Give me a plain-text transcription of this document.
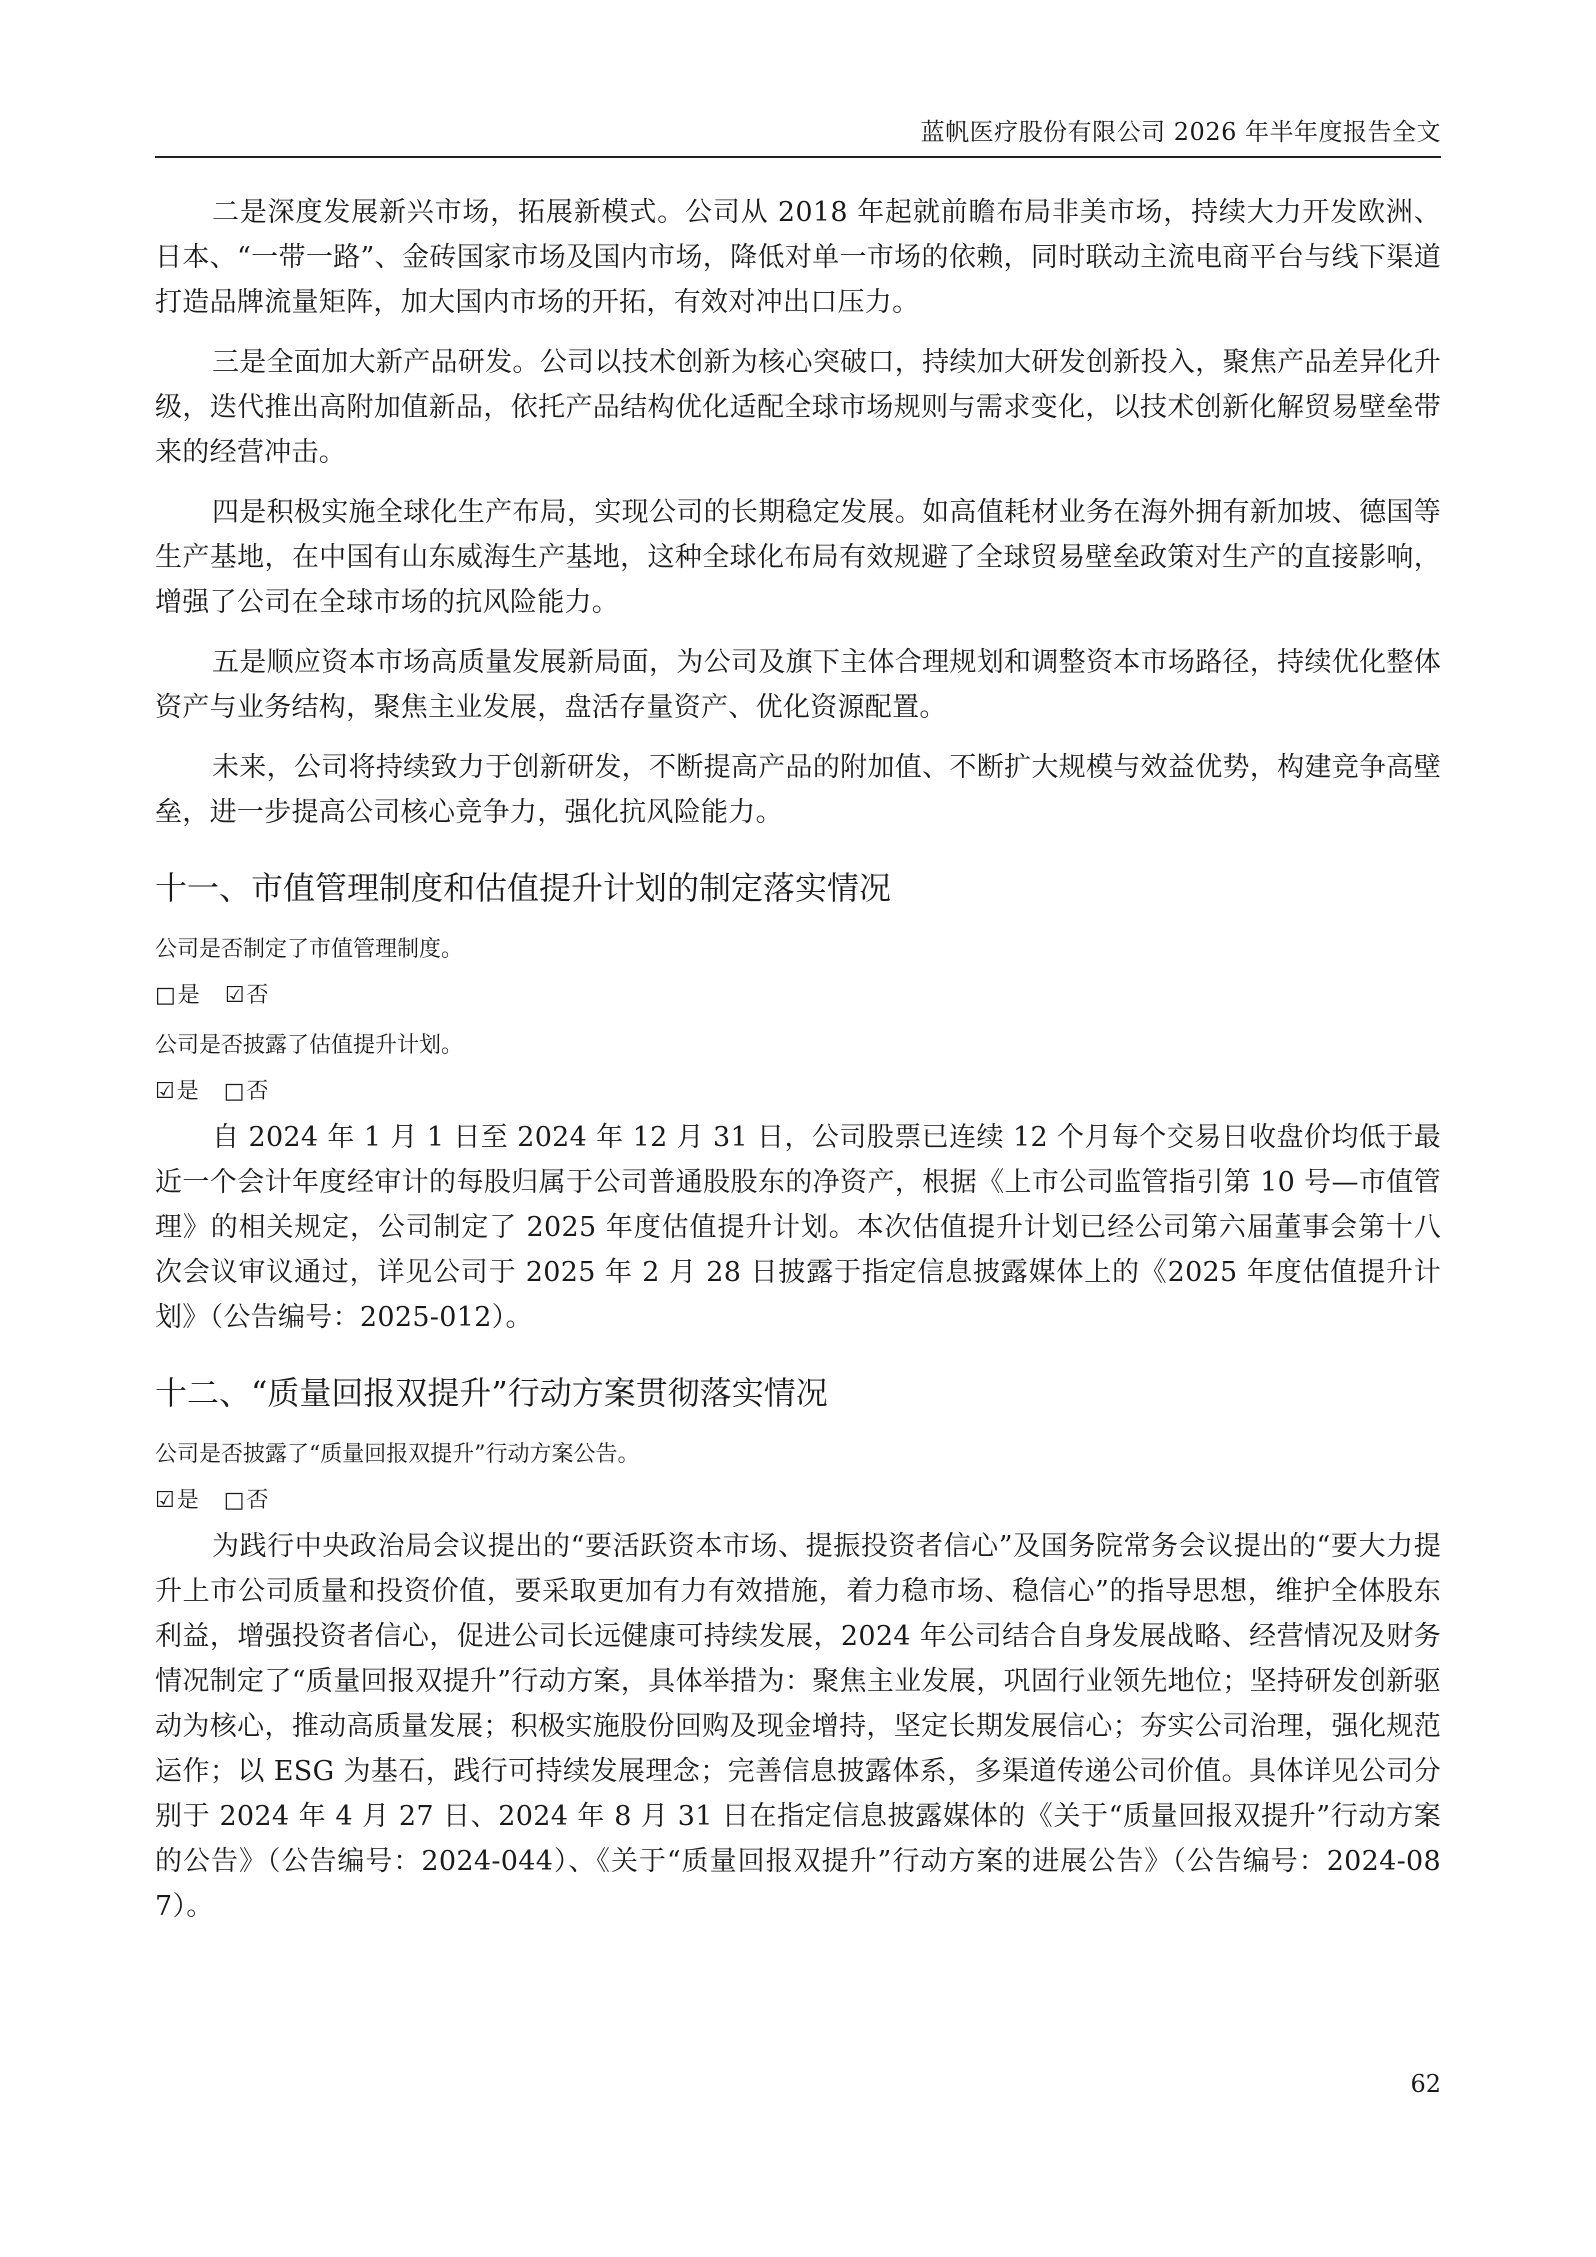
蓝帆医疗股份有限公司 2026 年半年度报告全文

二是深度发展新兴市场，拓展新模式。公司从 2018 年起就前瞻布局非美市场，持续大力开发欧洲、日本、“一带一路”、金砖国家市场及国内市场，降低对单一市场的依赖，同时联动主流电商平台与线下渠道打造品牌流量矩阵，加大国内市场的开拓，有效对冲出口压力。

三是全面加大新产品研发。公司以技术创新为核心突破口，持续加大研发创新投入，聚焦产品差异化升级，迭代推出高附加值新品，依托产品结构优化适配全球市场规则与需求变化，以技术创新化解贸易壁垒带来的经营冲击。

四是积极实施全球化生产布局，实现公司的长期稳定发展。如高值耗材业务在海外拥有新加坡、德国等生产基地，在中国有山东威海生产基地，这种全球化布局有效规避了全球贸易壁垒政策对生产的直接影响，增强了公司在全球市场的抗风险能力。

五是顺应资本市场高质量发展新局面，为公司及旗下主体合理规划和调整资本市场路径，持续优化整体资产与业务结构，聚焦主业发展，盘活存量资产、优化资源配置。

未来，公司将持续致力于创新研发，不断提高产品的附加值、不断扩大规模与效益优势，构建竞争高壁垒，进一步提高公司核心竞争力，强化抗风险能力。

十一、市值管理制度和估值提升计划的制定落实情况
公司是否制定了市值管理制度。
□是 ☑否
公司是否披露了估值提升计划。
☑是 □否

自 2024 年 1 月 1 日至 2024 年 12 月 31 日，公司股票已连续 12 个月每个交易日收盘价均低于最近一个会计年度经审计的每股归属于公司普通股股东的净资产，根据《上市公司监管指引第 10 号—市值管理》的相关规定，公司制定了 2025 年度估值提升计划。本次估值提升计划已经公司第六届董事会第十八次会议审议通过，详见公司于 2025 年 2 月 28 日披露于指定信息披露媒体上的《2025 年度估值提升计划》（公告编号：2025-012）。

十二、“质量回报双提升”行动方案贯彻落实情况
公司是否披露了“质量回报双提升”行动方案公告。
☑是 □否

为践行中央政治局会议提出的“要活跃资本市场、提振投资者信心”及国务院常务会议提出的“要大力提升上市公司质量和投资价值，要采取更加有力有效措施，着力稳市场、稳信心”的指导思想，维护全体股东利益，增强投资者信心，促进公司长远健康可持续发展，2024 年公司结合自身发展战略、经营情况及财务情况制定了“质量回报双提升”行动方案，具体举措为：聚焦主业发展，巩固行业领先地位；坚持研发创新驱动为核心，推动高质量发展；积极实施股份回购及现金增持，坚定长期发展信心；夯实公司治理，强化规范运作；以 ESG 为基石，践行可持续发展理念；完善信息披露体系，多渠道传递公司价值。具体详见公司分别于 2024 年 4 月 27 日、2024 年 8 月 31 日在指定信息披露媒体的《关于“质量回报双提升”行动方案的公告》（公告编号：2024-044）、《关于“质量回报双提升”行动方案的进展公告》（公告编号：2024-087）。

62
